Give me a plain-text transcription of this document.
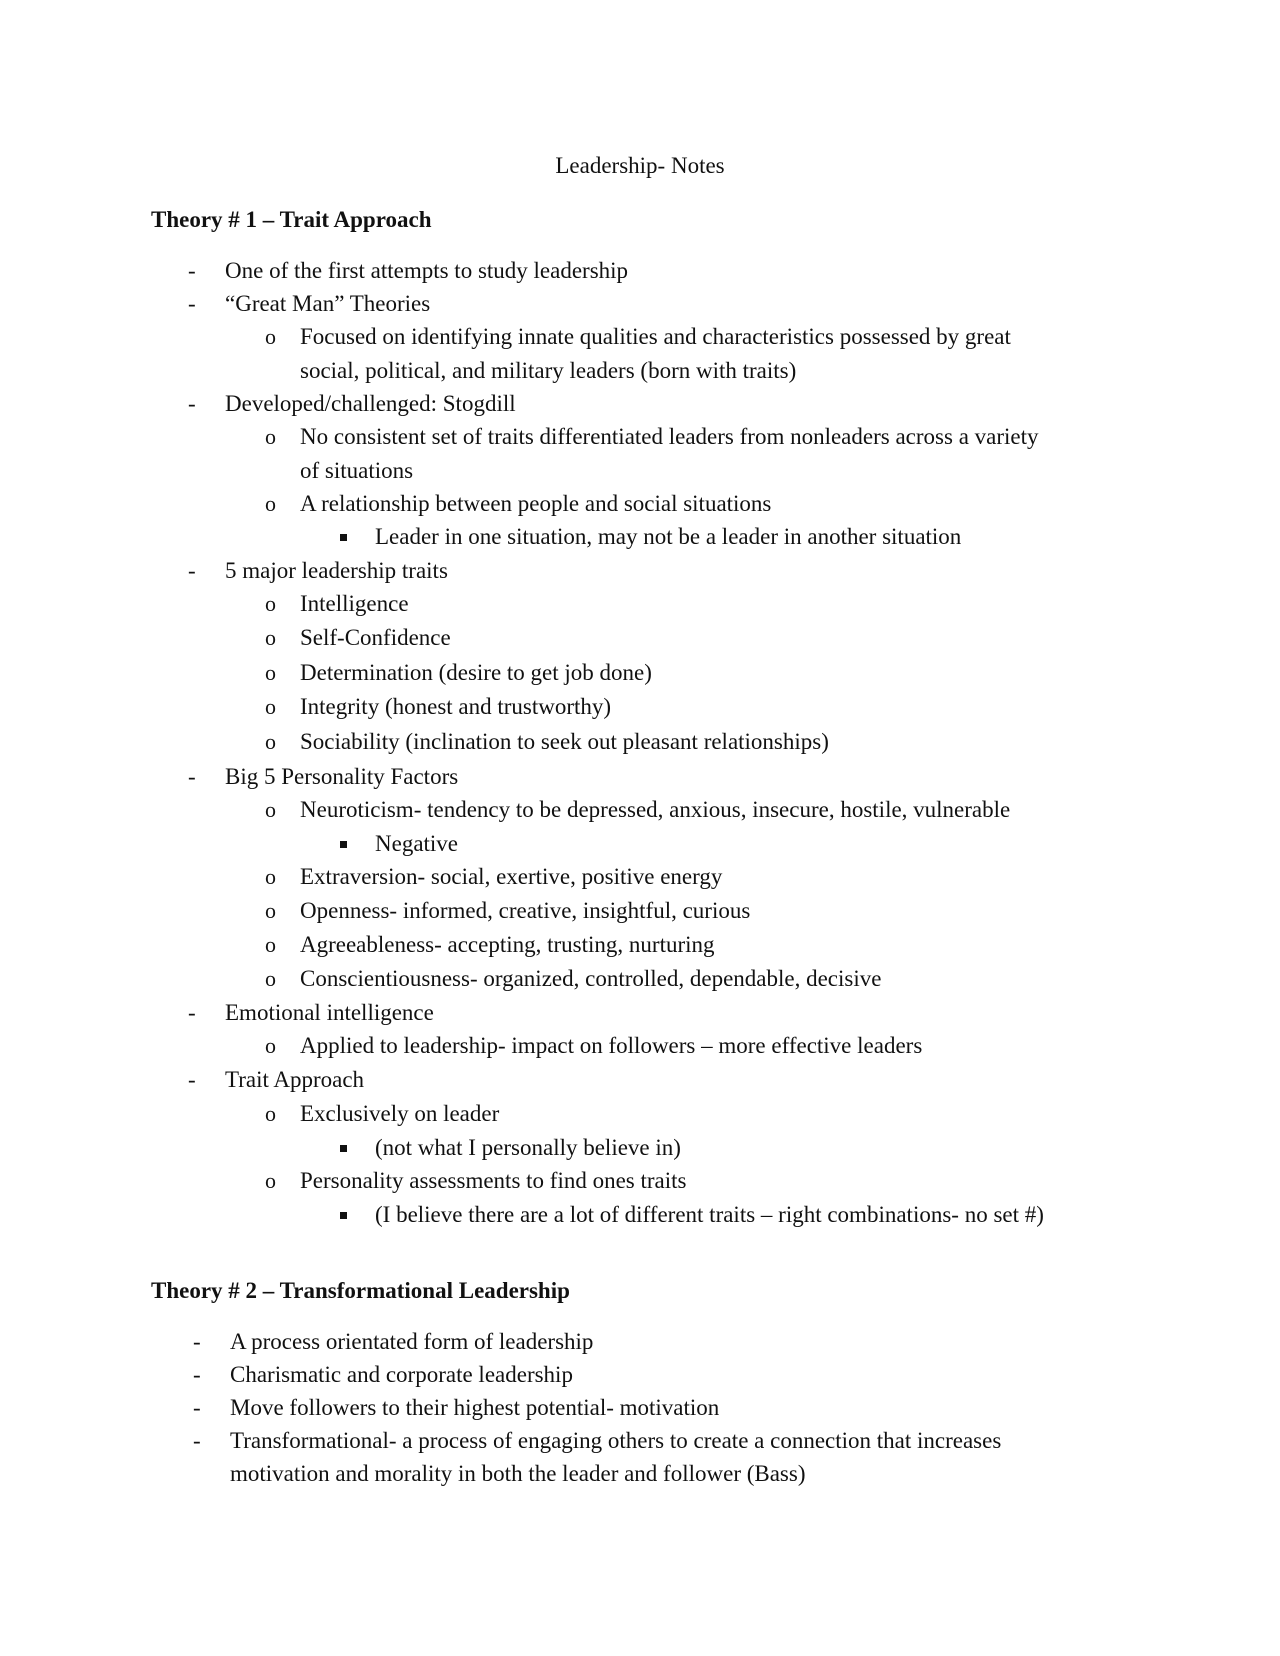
Leadership- Notes
Theory # 1 – Trait Approach
- One of the first attempts to study leadership
- “Great Man” Theories
o Focused on identifying innate qualities and characteristics possessed by great
social, political, and military leaders (born with traits)
- Developed/challenged: Stogdill
o No consistent set of traits differentiated leaders from nonleaders across a variety
of situations
o A relationship between people and social situations
Leader in one situation, may not be a leader in another situation
- 5 major leadership traits
o Intelligence
o Self-Confidence
o Determination (desire to get job done)
o Integrity (honest and trustworthy)
o Sociability (inclination to seek out pleasant relationships)
- Big 5 Personality Factors
o Neuroticism- tendency to be depressed, anxious, insecure, hostile, vulnerable
Negative
o Extraversion- social, exertive, positive energy
o Openness- informed, creative, insightful, curious
o Agreeableness- accepting, trusting, nurturing
o Conscientiousness- organized, controlled, dependable, decisive
- Emotional intelligence
o Applied to leadership- impact on followers – more effective leaders
- Trait Approach
o Exclusively on leader
(not what I personally believe in)
o Personality assessments to find ones traits
(I believe there are a lot of different traits – right combinations- no set #)
Theory # 2 – Transformational Leadership
- A process orientated form of leadership
- Charismatic and corporate leadership
- Move followers to their highest potential- motivation
- Transformational- a process of engaging others to create a connection that increases
motivation and morality in both the leader and follower (Bass)
